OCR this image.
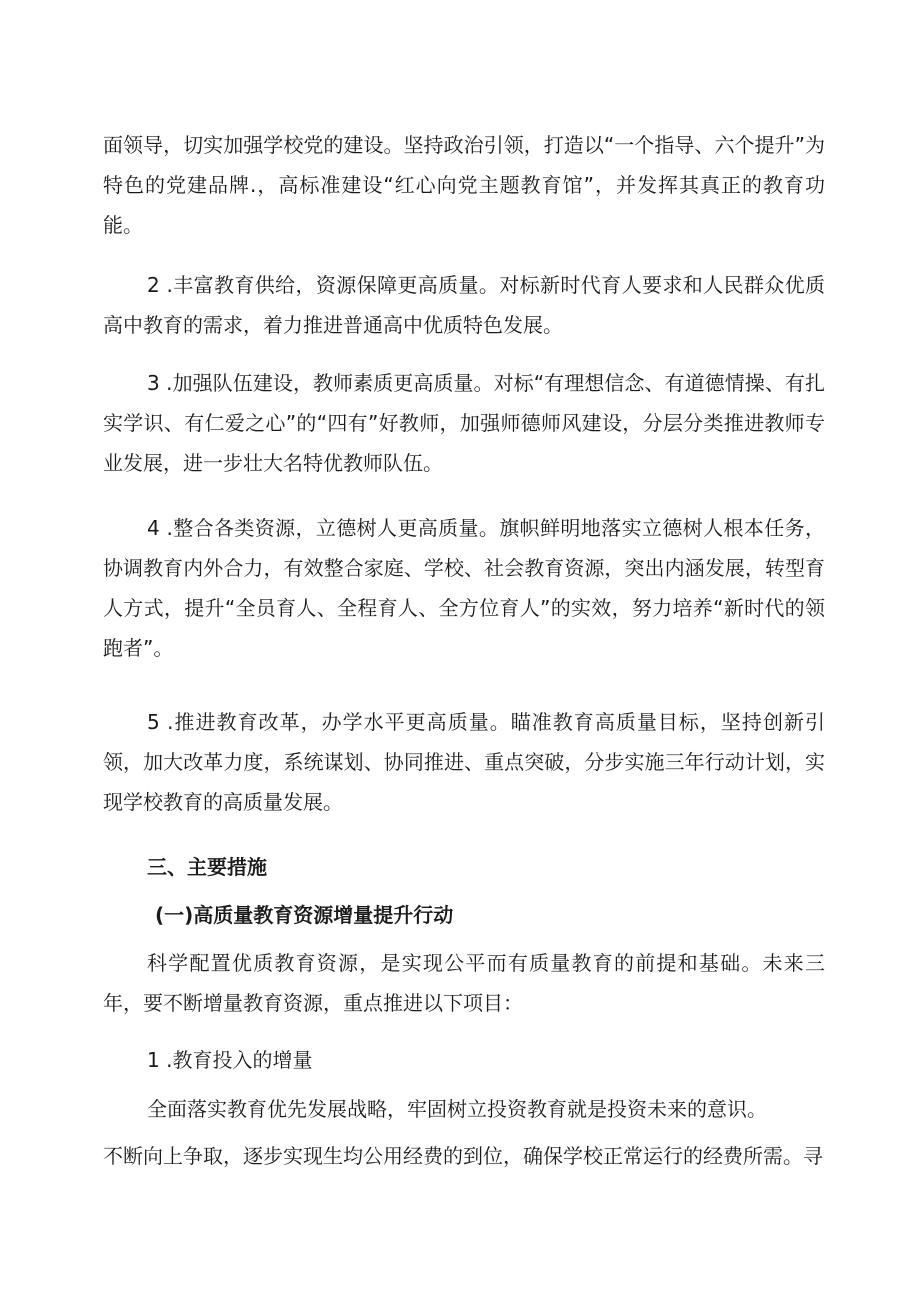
面领导，切实加强学校党的建设。坚持政治引领，打造以“一个指导、六个提升”为特色的党建品牌.，高标准建设“红心向党主题教育馆”，并发挥其真正的教育功能。

2 .丰富教育供给，资源保障更高质量。对标新时代育人要求和人民群众优质高中教育的需求，着力推进普通高中优质特色发展。

3 .加强队伍建设，教师素质更高质量。对标“有理想信念、有道德情操、有扎实学识、有仁爱之心”的“四有”好教师，加强师德师风建设，分层分类推进教师专业发展，进一步壮大名特优教师队伍。

4 .整合各类资源，立德树人更高质量。旗帜鲜明地落实立德树人根本任务，协调教育内外合力，有效整合家庭、学校、社会教育资源，突出内涵发展，转型育人方式，提升“全员育人、全程育人、全方位育人”的实效，努力培养“新时代的领跑者”。

5 .推进教育改革，办学水平更高质量。瞄准教育高质量目标，坚持创新引领，加大改革力度，系统谋划、协同推进、重点突破，分步实施三年行动计划，实现学校教育的高质量发展。

三、主要措施

(一)高质量教育资源增量提升行动

科学配置优质教育资源，是实现公平而有质量教育的前提和基础。未来三年，要不断增量教育资源，重点推进以下项目：

1 .教育投入的增量

全面落实教育优先发展战略，牢固树立投资教育就是投资未来的意识。

不断向上争取，逐步实现生均公用经费的到位，确保学校正常运行的经费所需。寻
